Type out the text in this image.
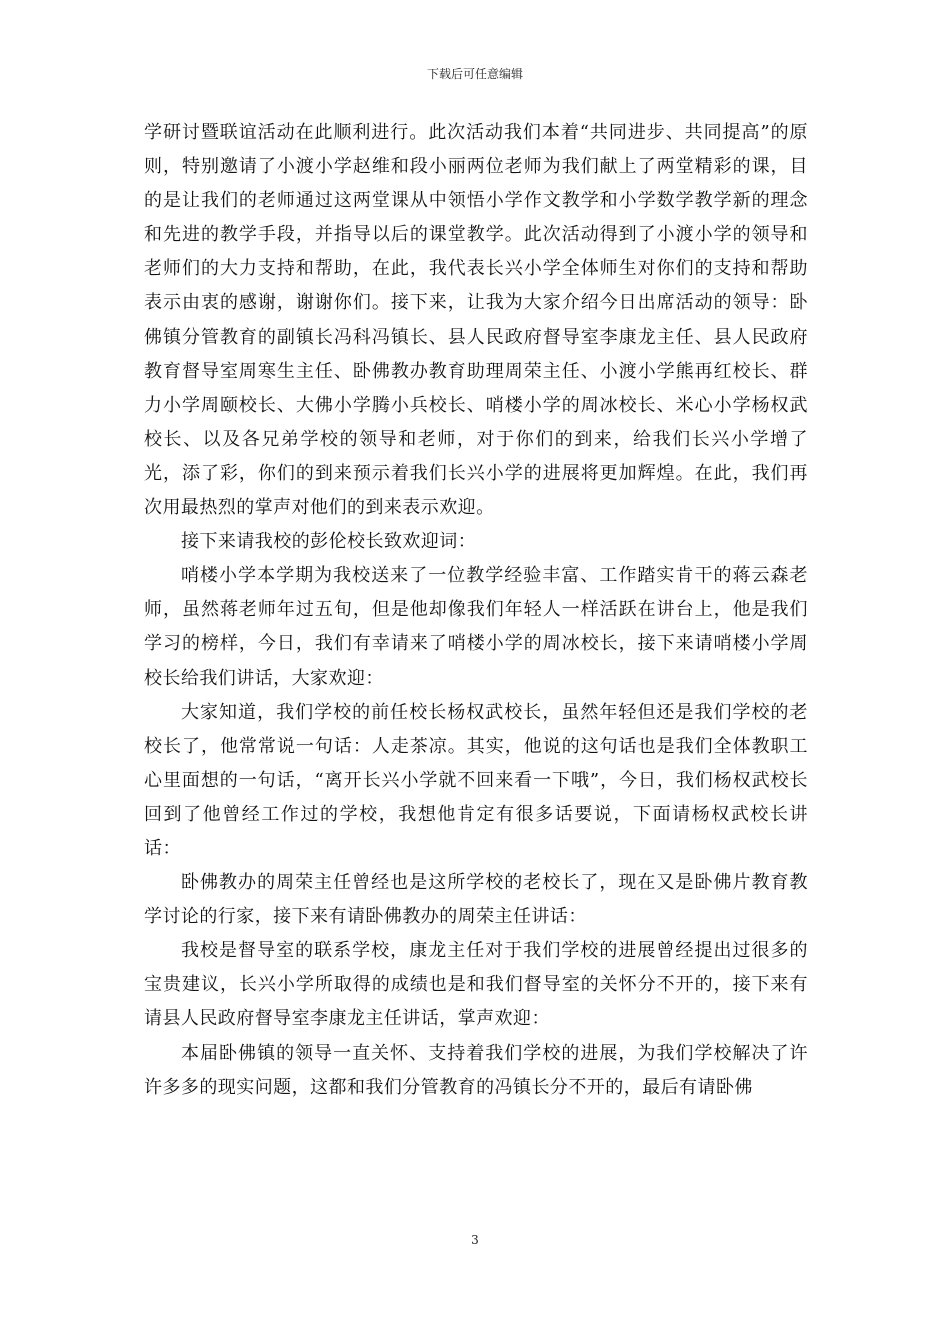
下载后可任意编辑

学研讨暨联谊活动在此顺利进行。此次活动我们本着“共同进步、共同提高”的原则，特别邀请了小渡小学赵维和段小丽两位老师为我们献上了两堂精彩的课，目的是让我们的老师通过这两堂课从中领悟小学作文教学和小学数学教学新的理念和先进的教学手段，并指导以后的课堂教学。此次活动得到了小渡小学的领导和老师们的大力支持和帮助，在此，我代表长兴小学全体师生对你们的支持和帮助表示由衷的感谢，谢谢你们。接下来，让我为大家介绍今日出席活动的领导：卧佛镇分管教育的副镇长冯科冯镇长、县人民政府督导室李康龙主任、县人民政府教育督导室周寒生主任、卧佛教办教育助理周荣主任、小渡小学熊再红校长、群力小学周颐校长、大佛小学腾小兵校长、哨楼小学的周冰校长、米心小学杨权武校长、以及各兄弟学校的领导和老师，对于你们的到来，给我们长兴小学增了光，添了彩，你们的到来预示着我们长兴小学的进展将更加辉煌。在此，我们再次用最热烈的掌声对他们的到来表示欢迎。

接下来请我校的彭伦校长致欢迎词：

哨楼小学本学期为我校送来了一位教学经验丰富、工作踏实肯干的蒋云森老师，虽然蒋老师年过五旬，但是他却像我们年轻人一样活跃在讲台上，他是我们学习的榜样，今日，我们有幸请来了哨楼小学的周冰校长，接下来请哨楼小学周校长给我们讲话，大家欢迎：

大家知道，我们学校的前任校长杨权武校长，虽然年轻但还是我们学校的老校长了，他常常说一句话：人走茶凉。其实，他说的这句话也是我们全体教职工心里面想的一句话，“离开长兴小学就不回来看一下哦”，今日，我们杨权武校长回到了他曾经工作过的学校，我想他肯定有很多话要说，下面请杨权武校长讲话：

卧佛教办的周荣主任曾经也是这所学校的老校长了，现在又是卧佛片教育教学讨论的行家，接下来有请卧佛教办的周荣主任讲话：

我校是督导室的联系学校，康龙主任对于我们学校的进展曾经提出过很多的宝贵建议，长兴小学所取得的成绩也是和我们督导室的关怀分不开的，接下来有请县人民政府督导室李康龙主任讲话，掌声欢迎：

本届卧佛镇的领导一直关怀、支持着我们学校的进展，为我们学校解决了许许多多的现实问题，这都和我们分管教育的冯镇长分不开的，最后有请卧佛

3
